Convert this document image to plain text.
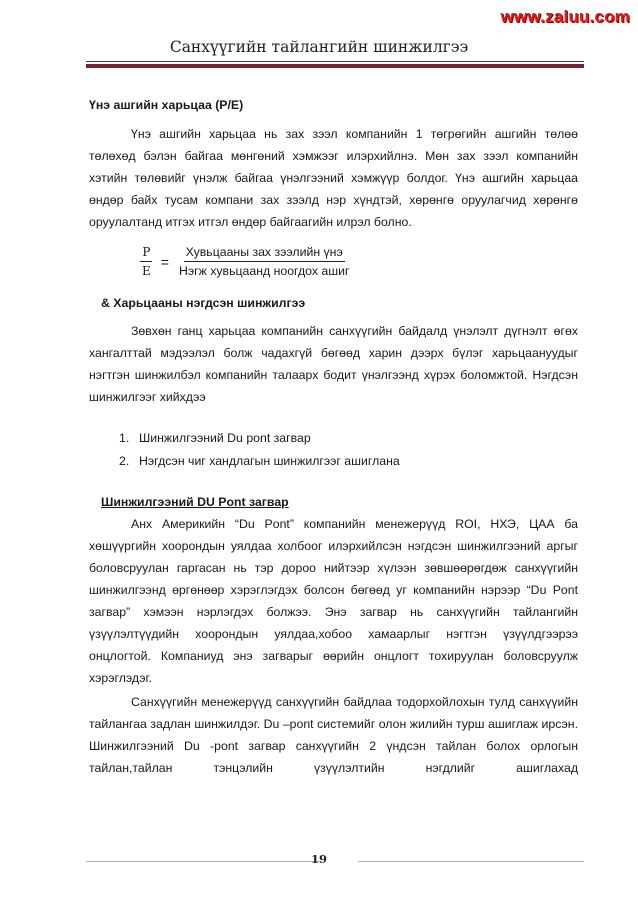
www.zaluu.com
Санхүүгийн тайлангийн шинжилгээ
Үнэ ашгийн харьцаа (P/E)
Үнэ ашгийн харьцаа нь зах зээл компанийн 1 төгрөгийн ашгийн төлөө төлөхөд бэлэн байгаа мөнгөний хэмжээг илэрхийлнэ. Мөн зах зээл компанийн хэтийн төлөвийг үнэлж байгаа үнэлгээний хэмжүүр болдог. Үнэ ашгийн харьцаа өндөр байх тусам компани зах зээлд нэр хүндтэй, хөрөнгө оруулагчид хөрөнгө оруулалтанд итгэх итгэл өндөр байгаагийн илрэл болно.
& Харьцааны нэгдсэн шинжилгээ
Зөвхөн ганц харьцаа компанийн санхүүгийн байдалд үнэлэлт дүгнэлт өгөх хангалттай мэдээлэл болж чадахгүй бөгөөд харин дээрх бүлэг харьцаануудыг нэгтгэн шинжилбэл компанийн талаарх бодит үнэлгээнд хүрэх боломжтой. Нэгдсэн шинжилгээг хийхдээ
1. Шинжилгээний Du pont загвар
2. Нэгдсэн чиг хандлагын шинжилгээг ашиглана
Шинжилгээний DU Pont загвар
Анх Америкийн “Du Pont” компанийн менежерүүд ROI, НХЭ, ЦАА ба хөшүүргийн хоорондын уялдаа холбоог илэрхийлсэн нэгдсэн шинжилгээний аргыг боловсруулан гаргасан нь тэр дороо нийтээр хүлээн зөвшөөрөгдөж санхүүгийн шинжилгээнд өргөнөөр хэрэглэгдэх болсон бөгөөд уг компанийн нэрээр “Du Pont загвар” хэмээн нэрлэгдэх болжээ. Энэ загвар нь санхүүгийн тайлангийн үзүүлэлтүүдийн хоорондын уялдаа,хобоо хамаарлыг нэгтгэн үзүүлдгээрээ онцлогтой. Компаниуд энэ загварыг өөрийн онцлогт тохируулан боловсруулж хэрэглэдэг.
Санхүүгийн менежерүүд санхүүгийн байдлаа тодорхойлохын тулд санхүүийн тайлангаа задлан шинжилдэг. Du –pont системийг олон жилийн турш ашиглаж ирсэн. Шинжилгээний Du -pont загвар санхүүгийн 2 үндсэн тайлан болох орлогын тайлан,тайлан тэнцэлийн үзүүлэлтийн нэгдлийг ашиглахад
$\frac{P}{E} = \frac{\text{Хувьцааны зах зээлийн үнэ}}{\text{Нэгж хувьцаанд ноогдох ашиг}}$
19
